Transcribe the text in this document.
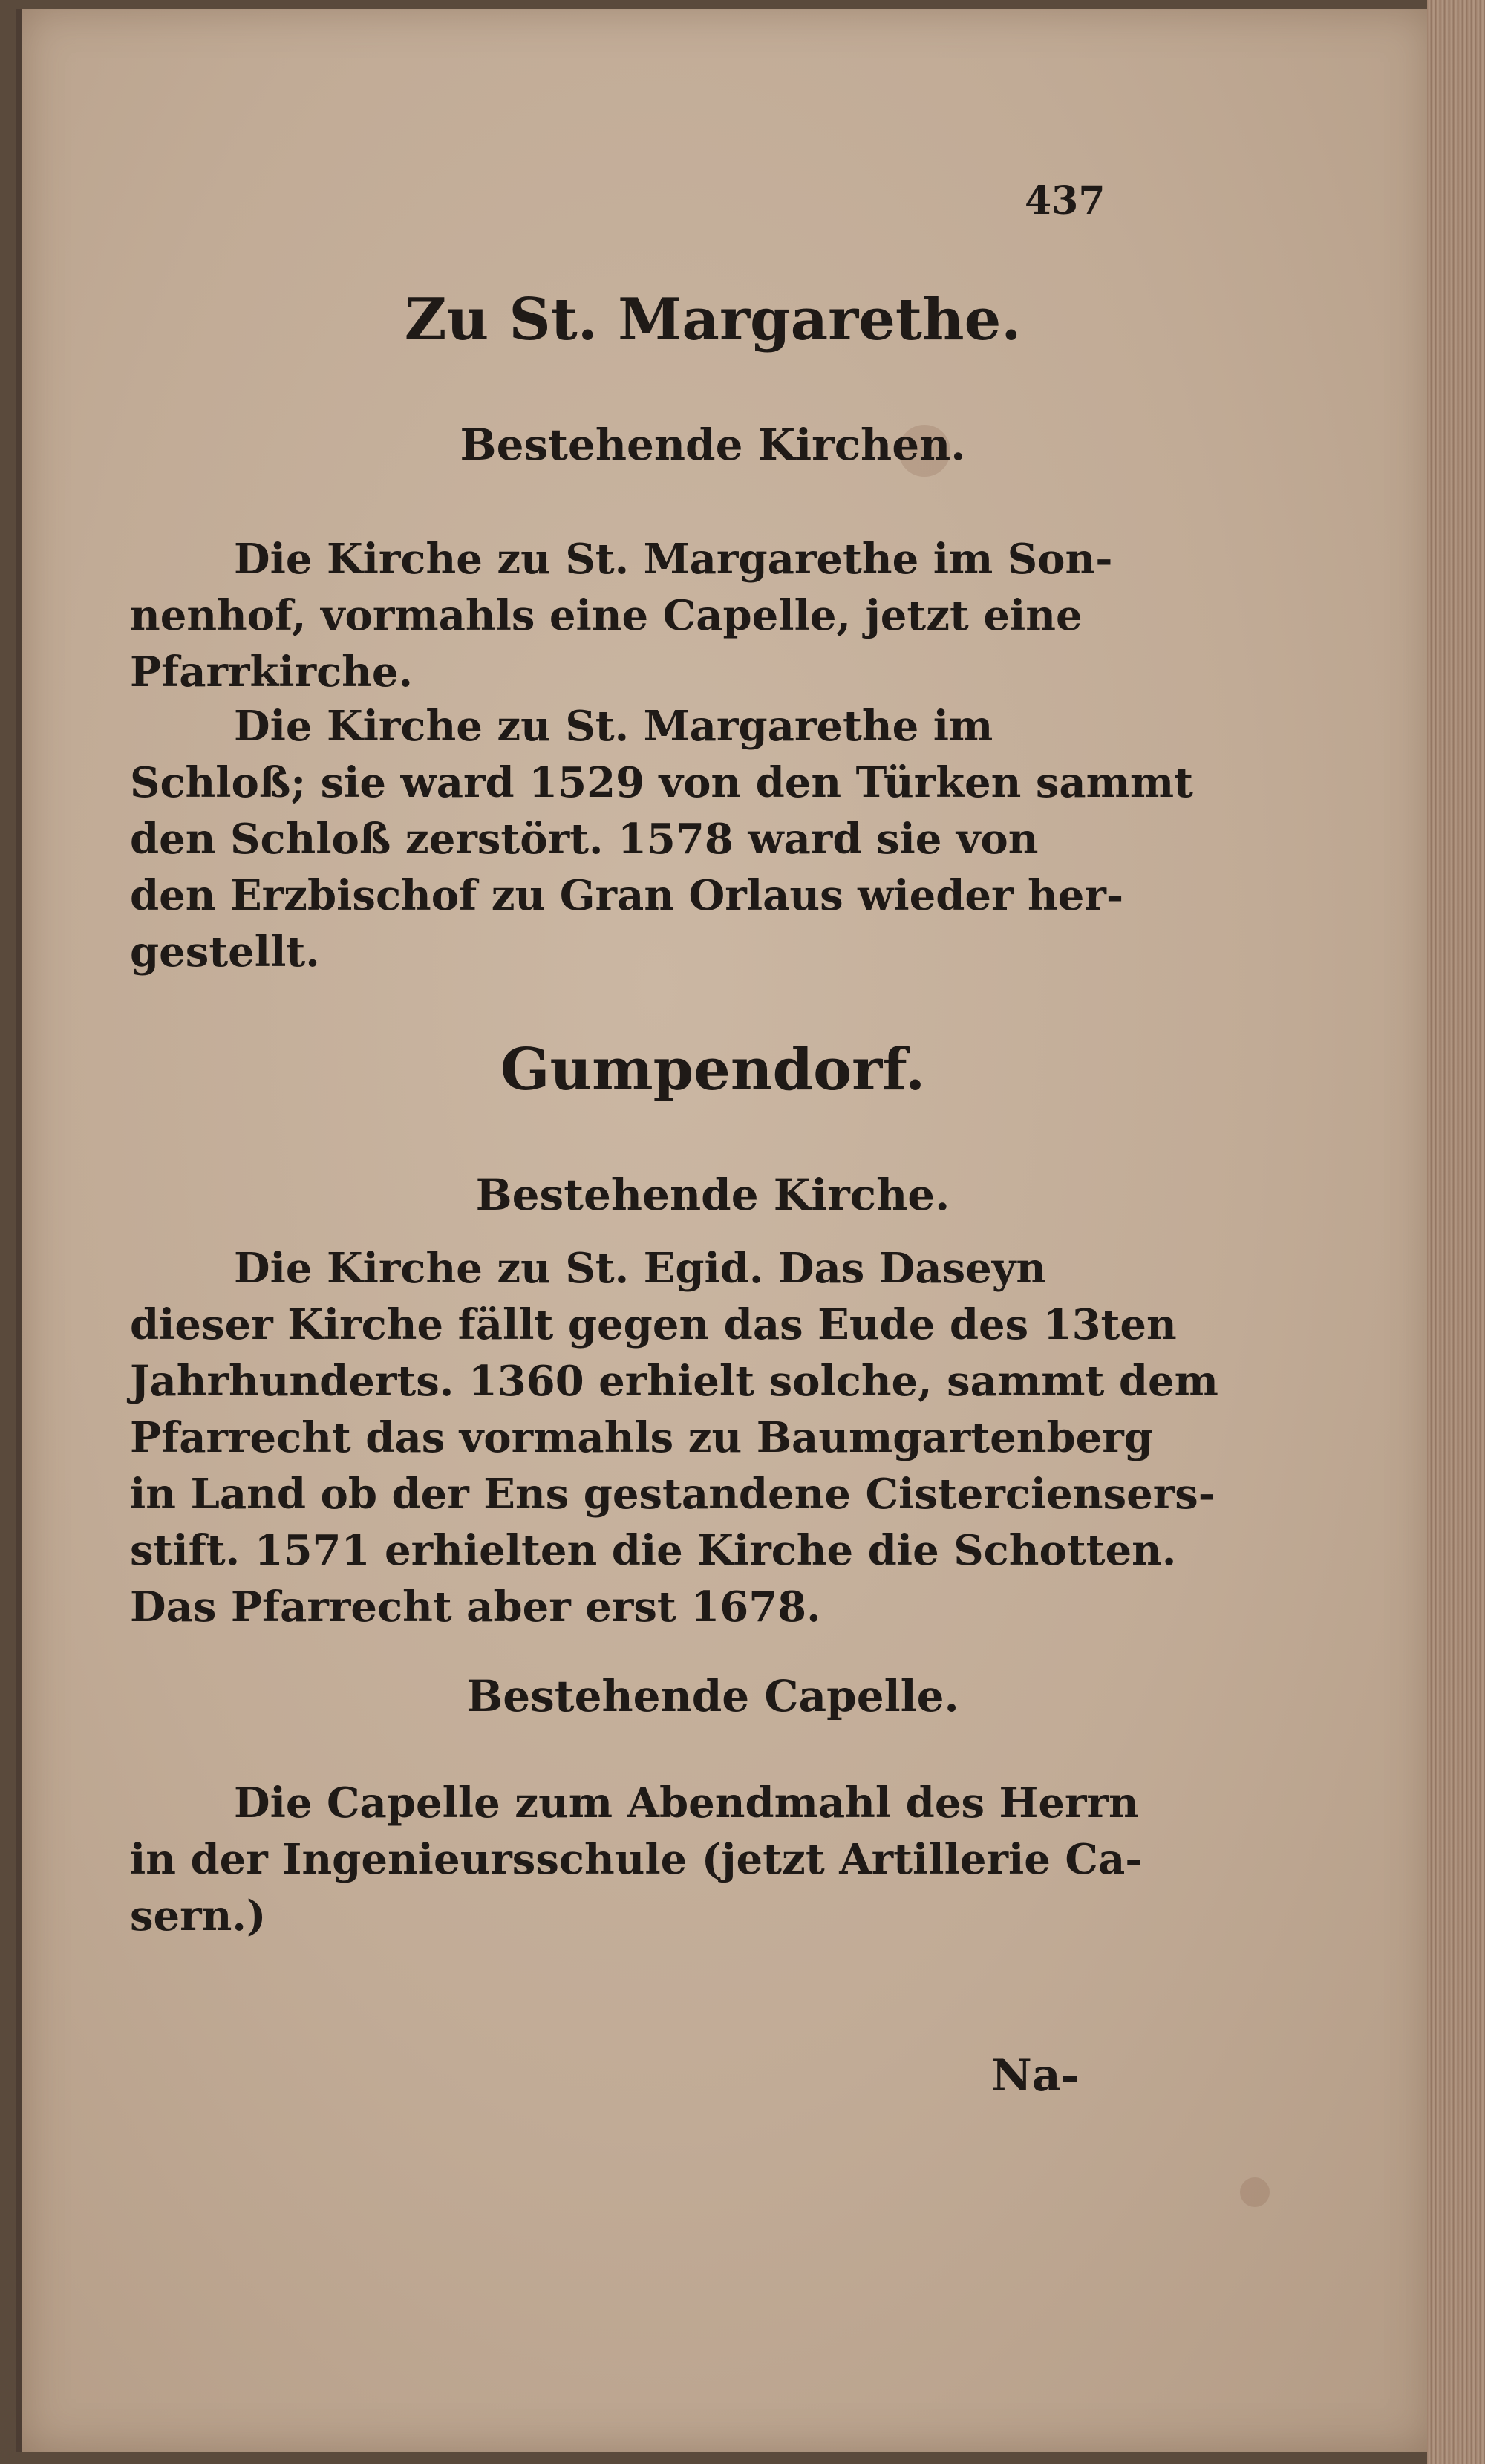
437
Zu St. Margarethe.
Bestehende Kirchen.
Die Kirche zu St. Margarethe im Son-
nenhof, vormahls eine Capelle, jetzt eine
Pfarrkirche.
Die Kirche zu St. Margarethe im
Schloß; sie ward 1529 von den Türken sammt
den Schloß zerstört. 1578 ward sie von
den Erzbischof zu Gran Orlaus wieder her-
gestellt.
Gumpendorf.
Bestehende Kirche.
Die Kirche zu St. Egid. Das Daseyn
dieser Kirche fällt gegen das Eude des 13ten
Jahrhunderts. 1360 erhielt solche, sammt dem
Pfarrecht das vormahls zu Baumgartenberg
in Land ob der Ens gestandene Cisterciensers-
stift. 1571 erhielten die Kirche die Schotten.
Das Pfarrecht aber erst 1678.
Bestehende Capelle.
Die Capelle zum Abendmahl des Herrn
in der Ingenieursschule (jetzt Artillerie Ca-
sern.)
Na-
